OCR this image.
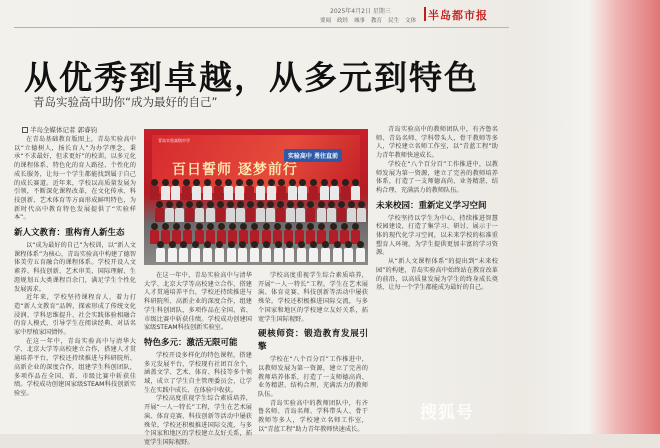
2025年4月2日 星期三
要闻 政经 城事 教育 民生 文体 半岛都市报
从优秀到卓越，从多元到特色
青岛实验高中助你“成为最好的自己”
半岛全媒体记者 郭睿钧

在青岛基础教育版图上，青岛实验高中以“立德树人，扬长育人”为办学理念，秉承“不求最好，但求更好”的校训，以多元化的课程体系、特色化的育人路径、个性化的成长服务，让每一个学生都能找到属于自己的成长赛道。近年来，学校以高质量发展为引领，不断深化课程改革，在文化传承、科技创新、艺术体育等方面形成鲜明特色，为新时代高中教育特色发展提供了“实验样本”。

新人文教育：重构育人新生态

以“成为最好的自己”为校训，以“新人文课程体系”为核心，青岛实验高中构建了德智体美劳五育融合的课程体系。学校开设人文素养、科技创新、艺术审美、国际理解、生涯规划五大类课程百余门，满足学生个性化发展需求。

近年来，学校坚持课程育人，着力打造“新人文教育”品牌，探索形成了传统文化浸润、学科思维提升、社会实践体验相融合的育人模式，引导学生在阅读经典、对话名家中厚植家国情怀。

在这一年中，青岛实验高中与清华大学、北京大学等高校建立合作，搭建人才贯通培养平台，学校还持续推进与科研院所、高新企业的深度合作，组建学生科创团队，多项作品在全国、省、市级比赛中斩获佳绩。学校成功创建国家级STEAM科技创新实验室。

青岛实验高级中学
实验高中 勇往直前
百日誓师 逐梦前行

在这一年中，青岛实验高中与清华大学、北京大学等高校建立合作，搭建人才贯通培养平台，学校还持续推进与科研院所、高新企业的深度合作，组建学生科创团队，多项作品在全国、省、市级比赛中斩获佳绩。学校成功创建国家级STEAM科技创新实验室。

特色多元：激活无限可能

学校开设多样化的特色课程，搭建多元发展平台，学校现有社团百余个，涵盖文学、艺术、体育、科技等多个领域，成立了学生自主管理委员会，让学生在实践中成长、在体验中收获。

学校高度重视学生综合素质培养，开展“一人一特长”工程，学生在艺术展演、体育竞赛、科技创新等活动中屡获殊荣。学校还积极推进国际交流，与多个国家和地区的学校建立友好关系，拓宽学生国际视野。

学校高度重视学生综合素质培养，开展“一人一特长”工程，学生在艺术展演、体育竞赛、科技创新等活动中屡获殊荣。学校还积极推进国际交流，与多个国家和地区的学校建立友好关系，拓宽学生国际视野。

硬核师资：锻造教育发展引擎

学校在“八个百分百”工作推进中，以教师发展为第一资源，建立了完善的教师培养体系，打造了一支师德高尚、业务精湛、结构合理、充满活力的教师队伍。

青岛实验高中的教师团队中，有齐鲁名师、青岛名师、学科带头人、骨干教师等多人，学校建立名师工作室，以“青蓝工程”助力青年教师快速成长。

青岛实验高中的教师团队中，有齐鲁名师、青岛名师、学科带头人、骨干教师等多人，学校建立名师工作室，以“青蓝工程”助力青年教师快速成长。

学校在“八个百分百”工作推进中，以教师发展为第一资源，建立了完善的教师培养体系，打造了一支师德高尚、业务精湛、结构合理、充满活力的教师队伍。

未来校园：重新定义学习空间

学校坚持以学生为中心，持续推进智慧校园建设，打造了集学习、研讨、展示于一体的现代化学习空间，以未来学校的标准重塑育人环境，为学生提供更加丰富的学习资源。

从“新人文课程体系”的提出到“未来校园”的构建，青岛实验高中始终站在教育改革的前沿，以高质量发展为学生的终身成长奠基，让每一个学生都能成为最好的自己。

搜狐号
